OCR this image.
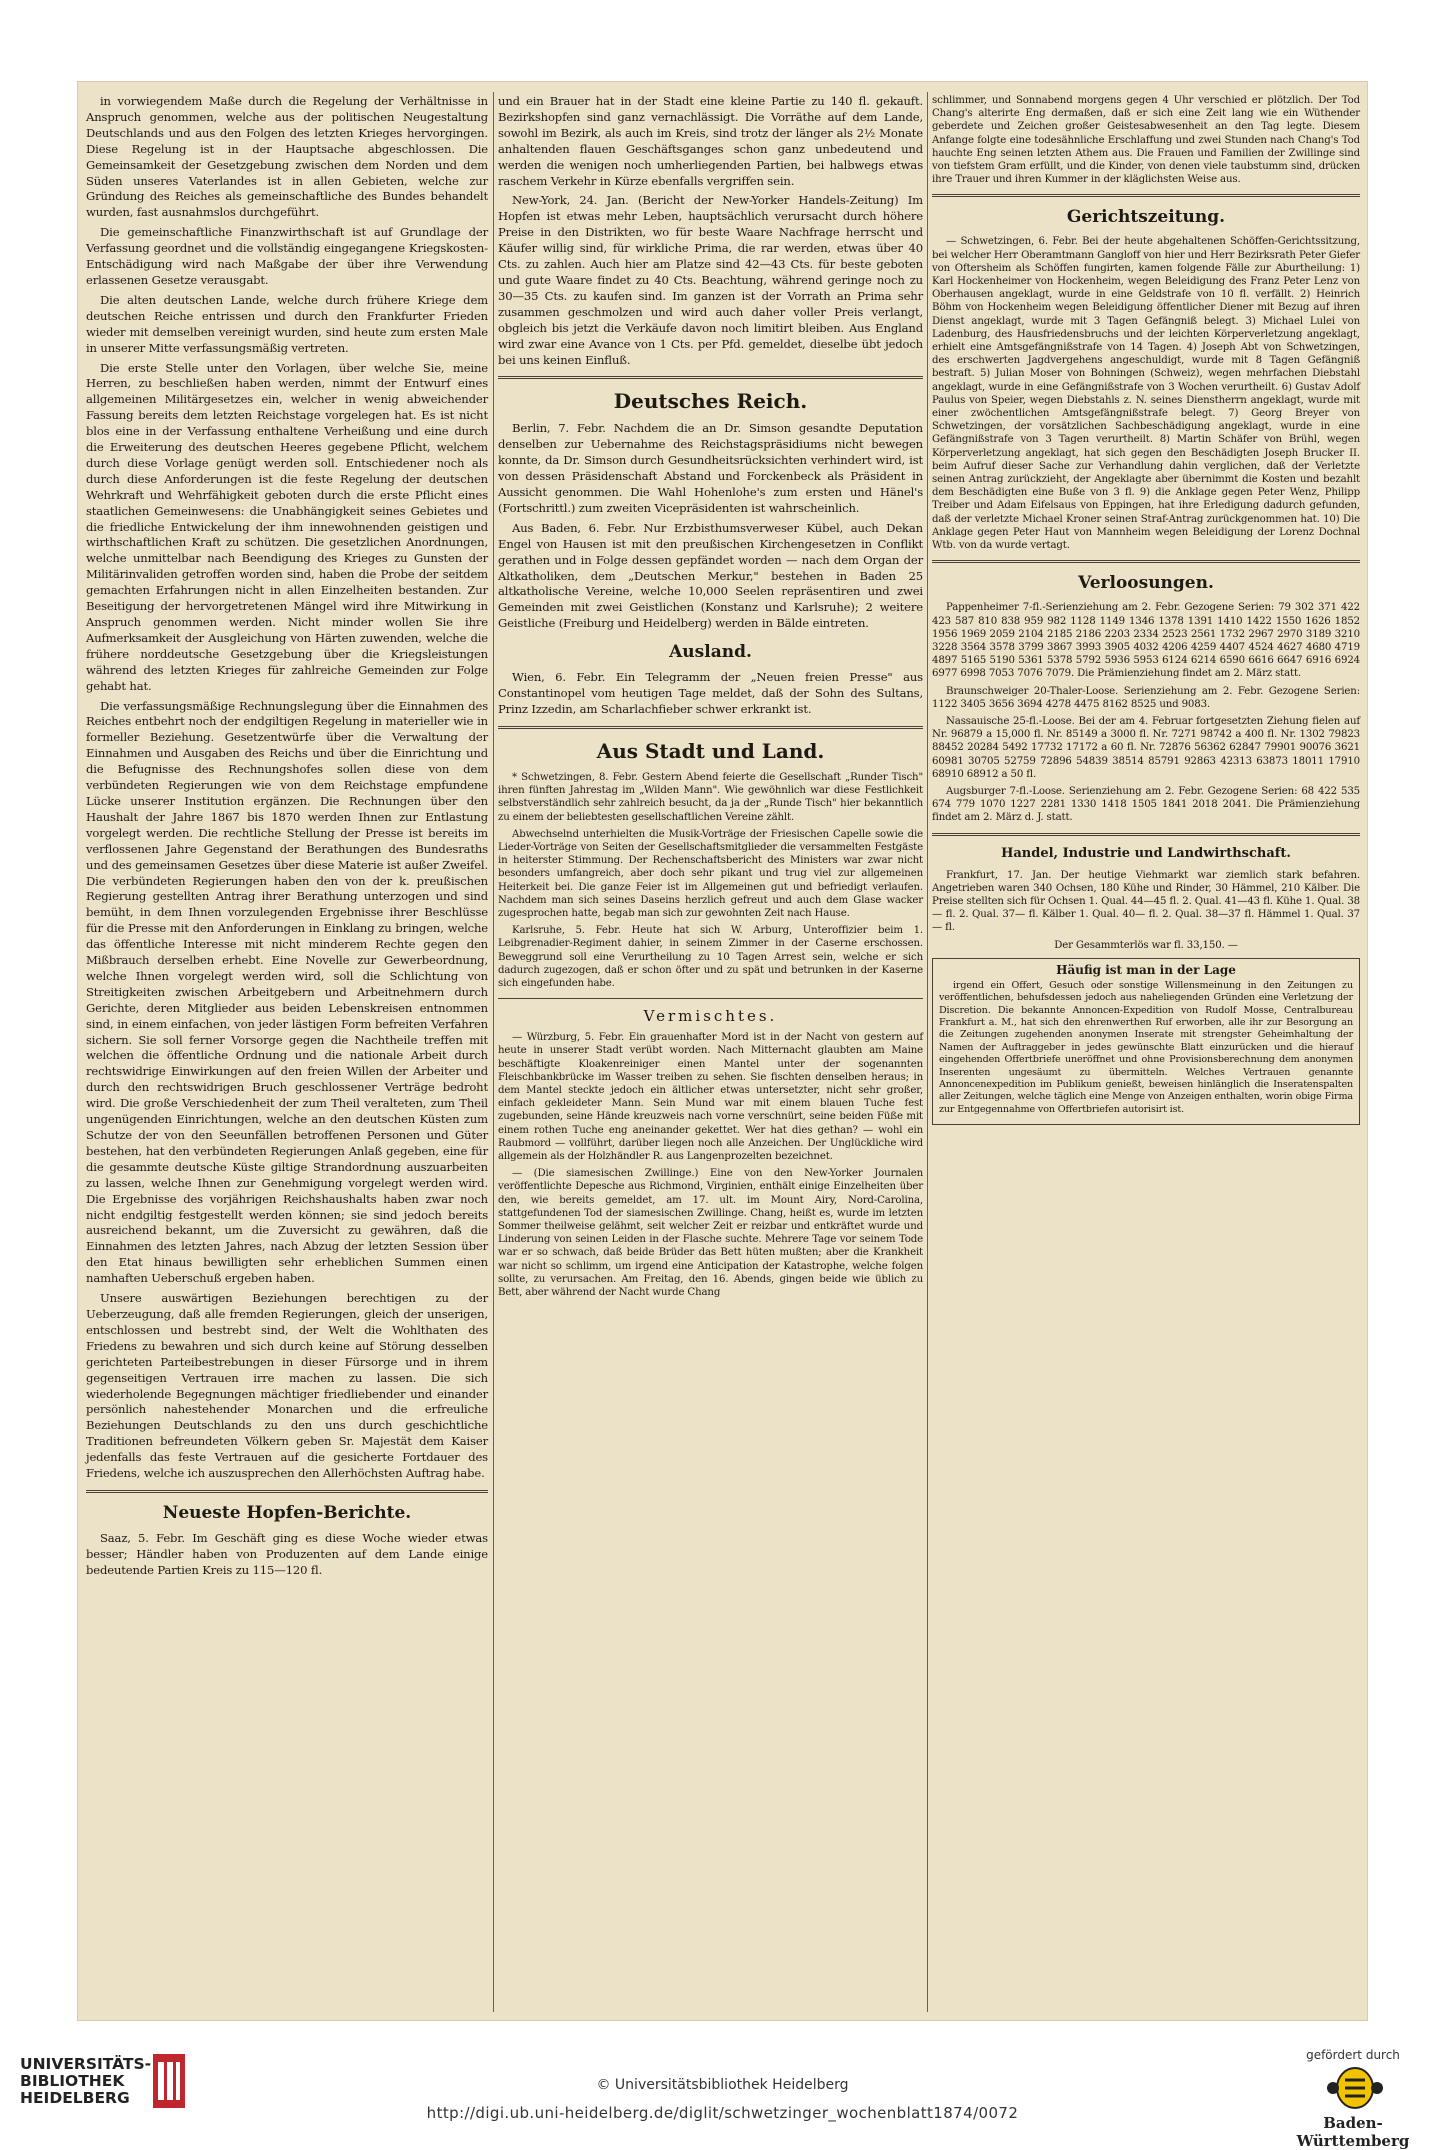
in vorwiegendem Maße durch die Regelung der Verhältnisse in Anspruch genommen, welche aus der politischen Neugestaltung Deutschlands und aus den Folgen des letzten Krieges hervorgingen. Diese Regelung ist in der Hauptsache abgeschlossen. Die Gemeinsamkeit der Gesetzgebung zwischen dem Norden und dem Süden unseres Vaterlandes ist in allen Gebieten, welche zur Gründung des Reiches als gemeinschaftliche des Bundes behandelt wurden, fast ausnahmslos durchgeführt.

Die gemeinschaftliche Finanzwirthschaft ist auf Grundlage der Verfassung geordnet und die vollständig eingegangene Kriegskosten-Entschädigung wird nach Maßgabe der über ihre Verwendung erlassenen Gesetze verausgabt.

Die alten deutschen Lande, welche durch frühere Kriege dem deutschen Reiche entrissen und durch den Frankfurter Frieden wieder mit demselben vereinigt wurden, sind heute zum ersten Male in unserer Mitte verfassungsmäßig vertreten.

Die erste Stelle unter den Vorlagen, über welche Sie, meine Herren, zu beschließen haben werden, nimmt der Entwurf eines allgemeinen Militärgesetzes ein, welcher in wenig abweichender Fassung bereits dem letzten Reichstage vorgelegen hat. Es ist nicht blos eine in der Verfassung enthaltene Verheißung und eine durch die Erweiterung des deutschen Heeres gegebene Pflicht, welchem durch diese Vorlage genügt werden soll. Entschiedener noch als durch diese Anforderungen ist die feste Regelung der deutschen Wehrkraft und Wehrfähigkeit geboten durch die erste Pflicht eines staatlichen Gemeinwesens: die Unabhängigkeit seines Gebietes und die friedliche Entwickelung der ihm innewohnenden geistigen und wirthschaftlichen Kraft zu schützen. Die gesetzlichen Anordnungen, welche unmittelbar nach Beendigung des Krieges zu Gunsten der Militärinvaliden getroffen worden sind, haben die Probe der seitdem gemachten Erfahrungen nicht in allen Einzelheiten bestanden. Zur Beseitigung der hervorgetretenen Mängel wird ihre Mitwirkung in Anspruch genommen werden. Nicht minder wollen Sie ihre Aufmerksamkeit der Ausgleichung von Härten zuwenden, welche die frühere norddeutsche Gesetzgebung über die Kriegsleistungen während des letzten Krieges für zahlreiche Gemeinden zur Folge gehabt hat.

Die verfassungsmäßige Rechnungslegung über die Einnahmen des Reiches entbehrt noch der endgiltigen Regelung in materieller wie in formeller Beziehung. Gesetzentwürfe über die Verwaltung der Einnahmen und Ausgaben des Reichs und über die Einrichtung und die Befugnisse des Rechnungshofes sollen diese von dem verbündeten Regierungen wie von dem Reichstage empfundene Lücke unserer Institution ergänzen. Die Rechnungen über den Haushalt der Jahre 1867 bis 1870 werden Ihnen zur Entlastung vorgelegt werden. Die rechtliche Stellung der Presse ist bereits im verflossenen Jahre Gegenstand der Berathungen des Bundesraths und des gemeinsamen Gesetzes über diese Materie ist außer Zweifel. Die verbündeten Regierungen haben den von der k. preußischen Regierung gestellten Antrag ihrer Berathung unterzogen und sind bemüht, in dem Ihnen vorzulegenden Ergebnisse ihrer Beschlüsse für die Presse mit den Anforderungen in Einklang zu bringen, welche das öffentliche Interesse mit nicht minderem Rechte gegen den Mißbrauch derselben erhebt. Eine Novelle zur Gewerbeordnung, welche Ihnen vorgelegt werden wird, soll die Schlichtung von Streitigkeiten zwischen Arbeitgebern und Arbeitnehmern durch Gerichte, deren Mitglieder aus beiden Lebenskreisen entnommen sind, in einem einfachen, von jeder lästigen Form befreiten Verfahren sichern. Sie soll ferner Vorsorge gegen die Nachtheile treffen mit welchen die öffentliche Ordnung und die nationale Arbeit durch rechtswidrige Einwirkungen auf den freien Willen der Arbeiter und durch den rechtswidrigen Bruch geschlossener Verträge bedroht wird. Die große Verschiedenheit der zum Theil veralteten, zum Theil ungenügenden Einrichtungen, welche an den deutschen Küsten zum Schutze der von den Seeunfällen betroffenen Personen und Güter bestehen, hat den verbündeten Regierungen Anlaß gegeben, eine für die gesammte deutsche Küste giltige Strandordnung auszuarbeiten zu lassen, welche Ihnen zur Genehmigung vorgelegt werden wird. Die Ergebnisse des vorjährigen Reichshaushalts haben zwar noch nicht endgiltig festgestellt werden können; sie sind jedoch bereits ausreichend bekannt, um die Zuversicht zu gewähren, daß die Einnahmen des letzten Jahres, nach Abzug der letzten Session über den Etat hinaus bewilligten sehr erheblichen Summen einen namhaften Ueberschuß ergeben haben.

Unsere auswärtigen Beziehungen berechtigen zu der Ueberzeugung, daß alle fremden Regierungen, gleich der unserigen, entschlossen und bestrebt sind, der Welt die Wohlthaten des Friedens zu bewahren und sich durch keine auf Störung desselben gerichteten Parteibestrebungen in dieser Fürsorge und in ihrem gegenseitigen Vertrauen irre machen zu lassen. Die sich wiederholende Begegnungen mächtiger friedliebender und einander persönlich nahestehender Monarchen und die erfreuliche Beziehungen Deutschlands zu den uns durch geschichtliche Traditionen befreundeten Völkern geben Sr. Majestät dem Kaiser jedenfalls das feste Vertrauen auf die gesicherte Fortdauer des Friedens, welche ich auszusprechen den Allerhöchsten Auftrag habe.

Neueste Hopfen-Berichte.

Saaz, 5. Febr. Im Geschäft ging es diese Woche wieder etwas besser; Händler haben von Produzenten auf dem Lande einige bedeutende Partien Kreis zu 115—120 fl.

und ein Brauer hat in der Stadt eine kleine Partie zu 140 fl. gekauft. Bezirkshopfen sind ganz vernachlässigt. Die Vorräthe auf dem Lande, sowohl im Bezirk, als auch im Kreis, sind trotz der länger als 2½ Monate anhaltenden flauen Geschäftsganges schon ganz unbedeutend und werden die wenigen noch umherliegenden Partien, bei halbwegs etwas raschem Verkehr in Kürze ebenfalls vergriffen sein.

New-York, 24. Jan. (Bericht der New-Yorker Handels-Zeitung) Im Hopfen ist etwas mehr Leben, hauptsächlich verursacht durch höhere Preise in den Distrikten, wo für beste Waare Nachfrage herrscht und Käufer willig sind, für wirkliche Prima, die rar werden, etwas über 40 Cts. zu zahlen. Auch hier am Platze sind 42—43 Cts. für beste geboten und gute Waare findet zu 40 Cts. Beachtung, während geringe noch zu 30—35 Cts. zu kaufen sind. Im ganzen ist der Vorrath an Prima sehr zusammen geschmolzen und wird auch daher voller Preis verlangt, obgleich bis jetzt die Verkäufe davon noch limitirt bleiben. Aus England wird zwar eine Avance von 1 Cts. per Pfd. gemeldet, dieselbe übt jedoch bei uns keinen Einfluß.

Deutsches Reich.

Berlin, 7. Febr. Nachdem die an Dr. Simson gesandte Deputation denselben zur Uebernahme des Reichstagspräsidiums nicht bewegen konnte, da Dr. Simson durch Gesundheitsrücksichten verhindert wird, ist von dessen Präsidenschaft Abstand und Forckenbeck als Präsident in Aussicht genommen. Die Wahl Hohenlohe's zum ersten und Hänel's (Fortschrittl.) zum zweiten Vicepräsidenten ist wahrscheinlich.

Aus Baden, 6. Febr. Nur Erzbisthumsverweser Kübel, auch Dekan Engel von Hausen ist mit den preußischen Kirchengesetzen in Conflikt gerathen und in Folge dessen gepfändet worden — nach dem Organ der Altkatholiken, dem „Deutschen Merkur," bestehen in Baden 25 altkatholische Vereine, welche 10,000 Seelen repräsentiren und zwei Gemeinden mit zwei Geistlichen (Konstanz und Karlsruhe); 2 weitere Geistliche (Freiburg und Heidelberg) werden in Bälde eintreten.

Ausland.

Wien, 6. Febr. Ein Telegramm der „Neuen freien Presse" aus Constantinopel vom heutigen Tage meldet, daß der Sohn des Sultans, Prinz Izzedin, am Scharlachfieber schwer erkrankt ist.

Aus Stadt und Land.

* Schwetzingen, 8. Febr. Gestern Abend feierte die Gesellschaft „Runder Tisch" ihren fünften Jahrestag im „Wilden Mann". Wie gewöhnlich war diese Festlichkeit selbstverständlich sehr zahlreich besucht, da ja der „Runde Tisch" hier bekanntlich zu einem der beliebtesten gesellschaftlichen Vereine zählt.

Abwechselnd unterhielten die Musik-Vorträge der Friesischen Capelle sowie die Lieder-Vorträge von Seiten der Gesellschaftsmitglieder die versammelten Festgäste in heiterster Stimmung. Der Rechenschaftsbericht des Ministers war zwar nicht besonders umfangreich, aber doch sehr pikant und trug viel zur allgemeinen Heiterkeit bei. Die ganze Feier ist im Allgemeinen gut und befriedigt verlaufen. Nachdem man sich seines Daseins herzlich gefreut und auch dem Glase wacker zugesprochen hatte, begab man sich zur gewohnten Zeit nach Hause.

Karlsruhe, 5. Febr. Heute hat sich W. Arburg, Unteroffizier beim 1. Leibgrenadier-Regiment dahier, in seinem Zimmer in der Caserne erschossen. Beweggrund soll eine Verurtheilung zu 10 Tagen Arrest sein, welche er sich dadurch zugezogen, daß er schon öfter und zu spät und betrunken in der Kaserne sich eingefunden habe.

Vermischtes.

— Würzburg, 5. Febr. Ein grauenhafter Mord ist in der Nacht von gestern auf heute in unserer Stadt verübt worden. Nach Mitternacht glaubten am Maine beschäftigte Kloakenreiniger einen Mantel unter der sogenannten Fleischbankbrücke im Wasser treiben zu sehen. Sie fischten denselben heraus; in dem Mantel steckte jedoch ein ältlicher etwas untersetzter, nicht sehr großer, einfach gekleideter Mann. Sein Mund war mit einem blauen Tuche fest zugebunden, seine Hände kreuzweis nach vorne verschnürt, seine beiden Füße mit einem rothen Tuche eng aneinander gekettet. Wer hat dies gethan? — wohl ein Raubmord — vollführt, darüber liegen noch alle Anzeichen. Der Unglückliche wird allgemein als der Holzhändler R. aus Langenprozelten bezeichnet.

— (Die siamesischen Zwillinge.) Eine von den New-Yorker Journalen veröffentlichte Depesche aus Richmond, Virginien, enthält einige Einzelheiten über den, wie bereits gemeldet, am 17. ult. im Mount Airy, Nord-Carolina, stattgefundenen Tod der siamesischen Zwillinge. Chang, heißt es, wurde im letzten Sommer theilweise gelähmt, seit welcher Zeit er reizbar und entkräftet wurde und Linderung von seinen Leiden in der Flasche suchte. Mehrere Tage vor seinem Tode war er so schwach, daß beide Brüder das Bett hüten mußten; aber die Krankheit war nicht so schlimm, um irgend eine Anticipation der Katastrophe, welche folgen sollte, zu verursachen. Am Freitag, den 16. Abends, gingen beide wie üblich zu Bett, aber während der Nacht wurde Chang

schlimmer, und Sonnabend morgens gegen 4 Uhr verschied er plötzlich. Der Tod Chang's alterirte Eng dermaßen, daß er sich eine Zeit lang wie ein Wüthender geberdete und Zeichen großer Geistesabwesenheit an den Tag legte. Diesem Anfange folgte eine todesähnliche Erschlaffung und zwei Stunden nach Chang's Tod hauchte Eng seinen letzten Athem aus. Die Frauen und Familien der Zwillinge sind von tiefstem Gram erfüllt, und die Kinder, von denen viele taubstumm sind, drücken ihre Trauer und ihren Kummer in der kläglichsten Weise aus.

Gerichtszeitung.

— Schwetzingen, 6. Febr. Bei der heute abgehaltenen Schöffen-Gerichtssitzung, bei welcher Herr Oberamtmann Gangloff von hier und Herr Bezirksrath Peter Giefer von Oftersheim als Schöffen fungirten, kamen folgende Fälle zur Aburtheilung: 1) Karl Hockenheimer von Hockenheim, wegen Beleidigung des Franz Peter Lenz von Oberhausen angeklagt, wurde in eine Geldstrafe von 10 fl. verfällt. 2) Heinrich Böhm von Hockenheim wegen Beleidigung öffentlicher Diener mit Bezug auf ihren Dienst angeklagt, wurde mit 3 Tagen Gefängniß belegt. 3) Michael Lulei von Ladenburg, des Hausfriedensbruchs und der leichten Körperverletzung angeklagt, erhielt eine Amtsgefängnißstrafe von 14 Tagen. 4) Joseph Abt von Schwetzingen, des erschwerten Jagdvergehens angeschuldigt, wurde mit 8 Tagen Gefängniß bestraft. 5) Julian Moser von Bohningen (Schweiz), wegen mehrfachen Diebstahl angeklagt, wurde in eine Gefängnißstrafe von 3 Wochen verurtheilt. 6) Gustav Adolf Paulus von Speier, wegen Diebstahls z. N. seines Dienstherrn angeklagt, wurde mit einer zwöchentlichen Amtsgefängnißstrafe belegt. 7) Georg Breyer von Schwetzingen, der vorsätzlichen Sachbeschädigung angeklagt, wurde in eine Gefängnißstrafe von 3 Tagen verurtheilt. 8) Martin Schäfer von Brühl, wegen Körperverletzung angeklagt, hat sich gegen den Beschädigten Joseph Brucker II. beim Aufruf dieser Sache zur Verhandlung dahin verglichen, daß der Verletzte seinen Antrag zurückzieht, der Angeklagte aber übernimmt die Kosten und bezahlt dem Beschädigten eine Buße von 3 fl. 9) die Anklage gegen Peter Wenz, Philipp Treiber und Adam Eifelsaus von Eppingen, hat ihre Erledigung dadurch gefunden, daß der verletzte Michael Kroner seinen Straf-Antrag zurückgenommen hat. 10) Die Anklage gegen Peter Haut von Mannheim wegen Beleidigung der Lorenz Dochnal Wtb. von da wurde vertagt.

Verloosungen.

Pappenheimer 7-fl.-Serienziehung am 2. Febr. Gezogene Serien: 79 302 371 422 423 587 810 838 959 982 1128 1149 1346 1378 1391 1410 1422 1550 1626 1852 1956 1969 2059 2104 2185 2186 2203 2334 2523 2561 1732 2967 2970 3189 3210 3228 3564 3578 3799 3867 3993 3905 4032 4206 4259 4407 4524 4627 4680 4719 4897 5165 5190 5361 5378 5792 5936 5953 6124 6214 6590 6616 6647 6916 6924 6977 6998 7053 7076 7079. Die Prämienziehung findet am 2. März statt.

Braunschweiger 20-Thaler-Loose. Serienziehung am 2. Febr. Gezogene Serien: 1122 3405 3656 3694 4278 4475 8162 8525 und 9083.

Nassauische 25-fl.-Loose. Bei der am 4. Februar fortgesetzten Ziehung fielen auf Nr. 96879 a 15,000 fl. Nr. 85149 a 3000 fl. Nr. 7271 98742 a 400 fl. Nr. 1302 79823 88452 20284 5492 17732 17172 a 60 fl. Nr. 72876 56362 62847 79901 90076 3621 60981 30705 52759 72896 54839 38514 85791 92863 42313 63873 18011 17910 68910 68912 a 50 fl.

Augsburger 7-fl.-Loose. Serienziehung am 2. Febr. Gezogene Serien: 68 422 535 674 779 1070 1227 2281 1330 1418 1505 1841 2018 2041. Die Prämienziehung findet am 2. März d. J. statt.

Handel, Industrie und Landwirthschaft.

Frankfurt, 17. Jan. Der heutige Viehmarkt war ziemlich stark befahren. Angetrieben waren 340 Ochsen, 180 Kühe und Rinder, 30 Hämmel, 210 Kälber. Die Preise stellten sich für Ochsen 1. Qual. 44—45 fl. 2. Qual. 41—43 fl. Kühe 1. Qual. 38— fl. 2. Qual. 37— fl. Kälber 1. Qual. 40— fl. 2. Qual. 38—37 fl. Hämmel 1. Qual. 37— fl.

Der Gesammterlös war fl. 33,150. —

Häufig ist man in der Lage

irgend ein Offert, Gesuch oder sonstige Willensmeinung in den Zeitungen zu veröffentlichen, behufsdessen jedoch aus naheliegenden Gründen eine Verletzung der Discretion. Die bekannte Annoncen-Expedition von Rudolf Mosse, Centralbureau Frankfurt a. M., hat sich den ehrenwerthen Ruf erworben, alle ihr zur Besorgung an die Zeitungen zugehenden anonymen Inserate mit strengster Geheimhaltung der Namen der Auftraggeber in jedes gewünschte Blatt einzurücken und die hierauf eingehenden Offertbriefe uneröffnet und ohne Provisionsberechnung dem anonymen Inserenten ungesäumt zu übermitteln. Welches Vertrauen genannte Annoncenexpedition im Publikum genießt, beweisen hinlänglich die Inseratenspalten aller Zeitungen, welche täglich eine Menge von Anzeigen enthalten, worin obige Firma zur Entgegennahme von Offertbriefen autorisirt ist.

UNIVERSITÄTS-
BIBLIOTHEK
HEIDELBERG
© Universitätsbibliothek Heidelberg
http://digi.ub.uni-heidelberg.de/diglit/schwetzinger_wochenblatt1874/0072
gefördert durch
Baden-Württemberg
